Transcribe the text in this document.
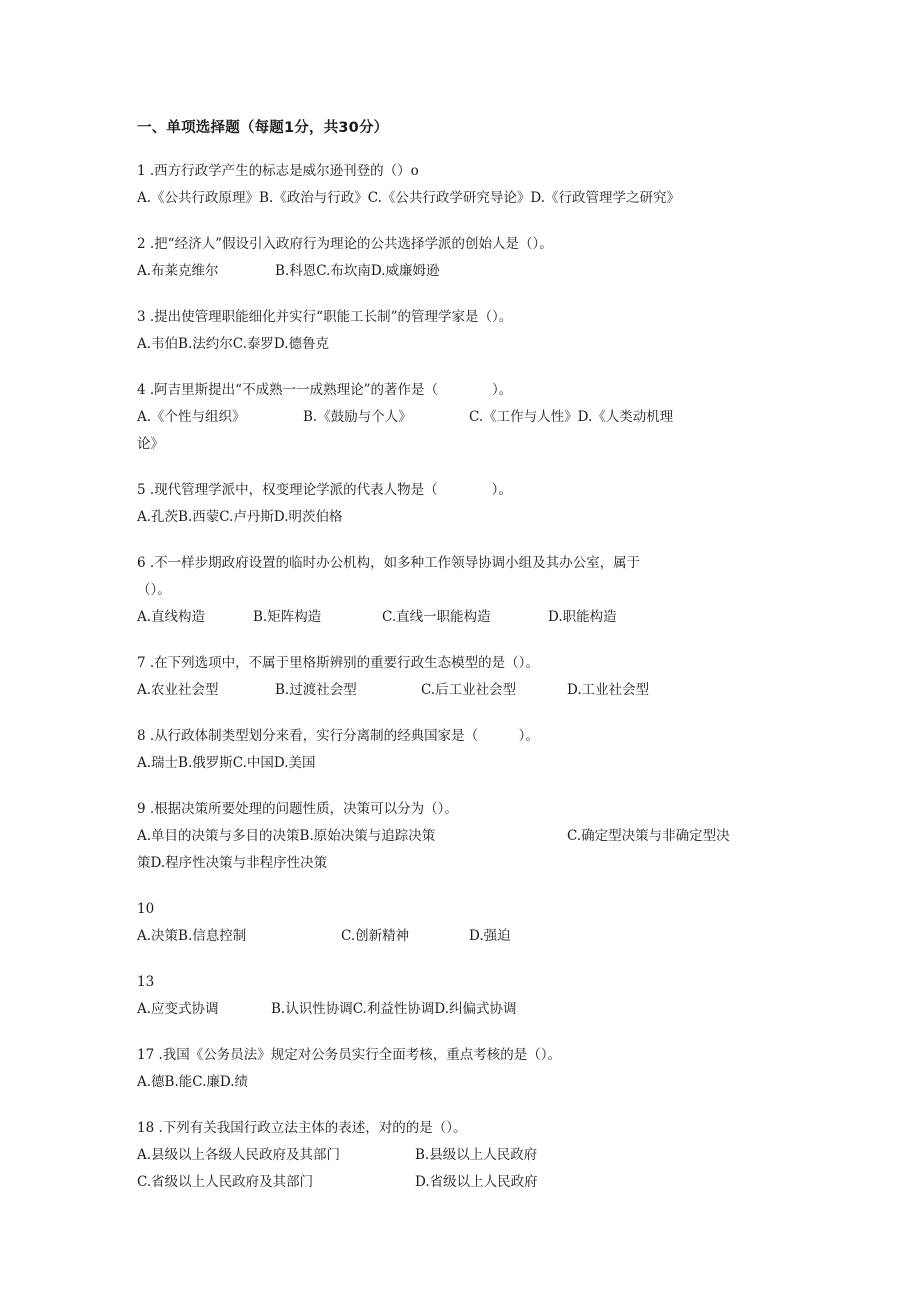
一、单项选择题（每题1分，共30分）
1 .西方行政学产生的标志是威尔逊刊登的（）o
A.《公共行政原理》B.《政治与行政》C.《公共行政学研究导论》D.《行政管理学之研究》
2 .把“经济人”假设引入政府行为理论的公共选择学派的创始人是（）。
A.布莱克维尔	B.科恩C.布坎南D.威廉姆逊
3 .提出使管理职能细化并实行“职能工长制”的管理学家是（）。
A.韦伯B.法约尔C.泰罗D.德鲁克
4 .阿吉里斯提出“不成熟一一成熟理论”的著作是（　　　　）。
A.《个性与组织》	B.《鼓励与个人》	C.《工作与人性》D.《人类动机理
论》
5 .现代管理学派中，权变理论学派的代表人物是（　　　　）。
A.孔茨B.西蒙C.卢丹斯D.明茨伯格
6 .不一样步期政府设置的临时办公机构，如多种工作领导协调小组及其办公室，属于
（）。
A.直线构造	B.矩阵构造	C.直线一职能构造	D.职能构造
7 .在下列选项中，不属于里格斯辨别的重要行政生态模型的是（）。
A.农业社会型	B.过渡社会型	C.后工业社会型	D.工业社会型
8 .从行政体制类型划分来看，实行分离制的经典国家是（　　　）。
A.瑞士B.俄罗斯C.中国D.美国
9 .根据决策所要处理的问题性质，决策可以分为（）。
A.单目的决策与多目的决策B.原始决策与追踪决策	C.确定型决策与非确定型决
策D.程序性决策与非程序性决策
10
A.决策B.信息控制	C.创新精神	D.强迫
13
A.应变式协调	B.认识性协调C.利益性协调D.纠偏式协调
17 .我国《公务员法》规定对公务员实行全面考核，重点考核的是（）。
A.德B.能C.廉D.绩
18 .下列有关我国行政立法主体的表述，对的的是（）。
A.县级以上各级人民政府及其部门	B.县级以上人民政府
C.省级以上人民政府及其部门	D.省级以上人民政府
